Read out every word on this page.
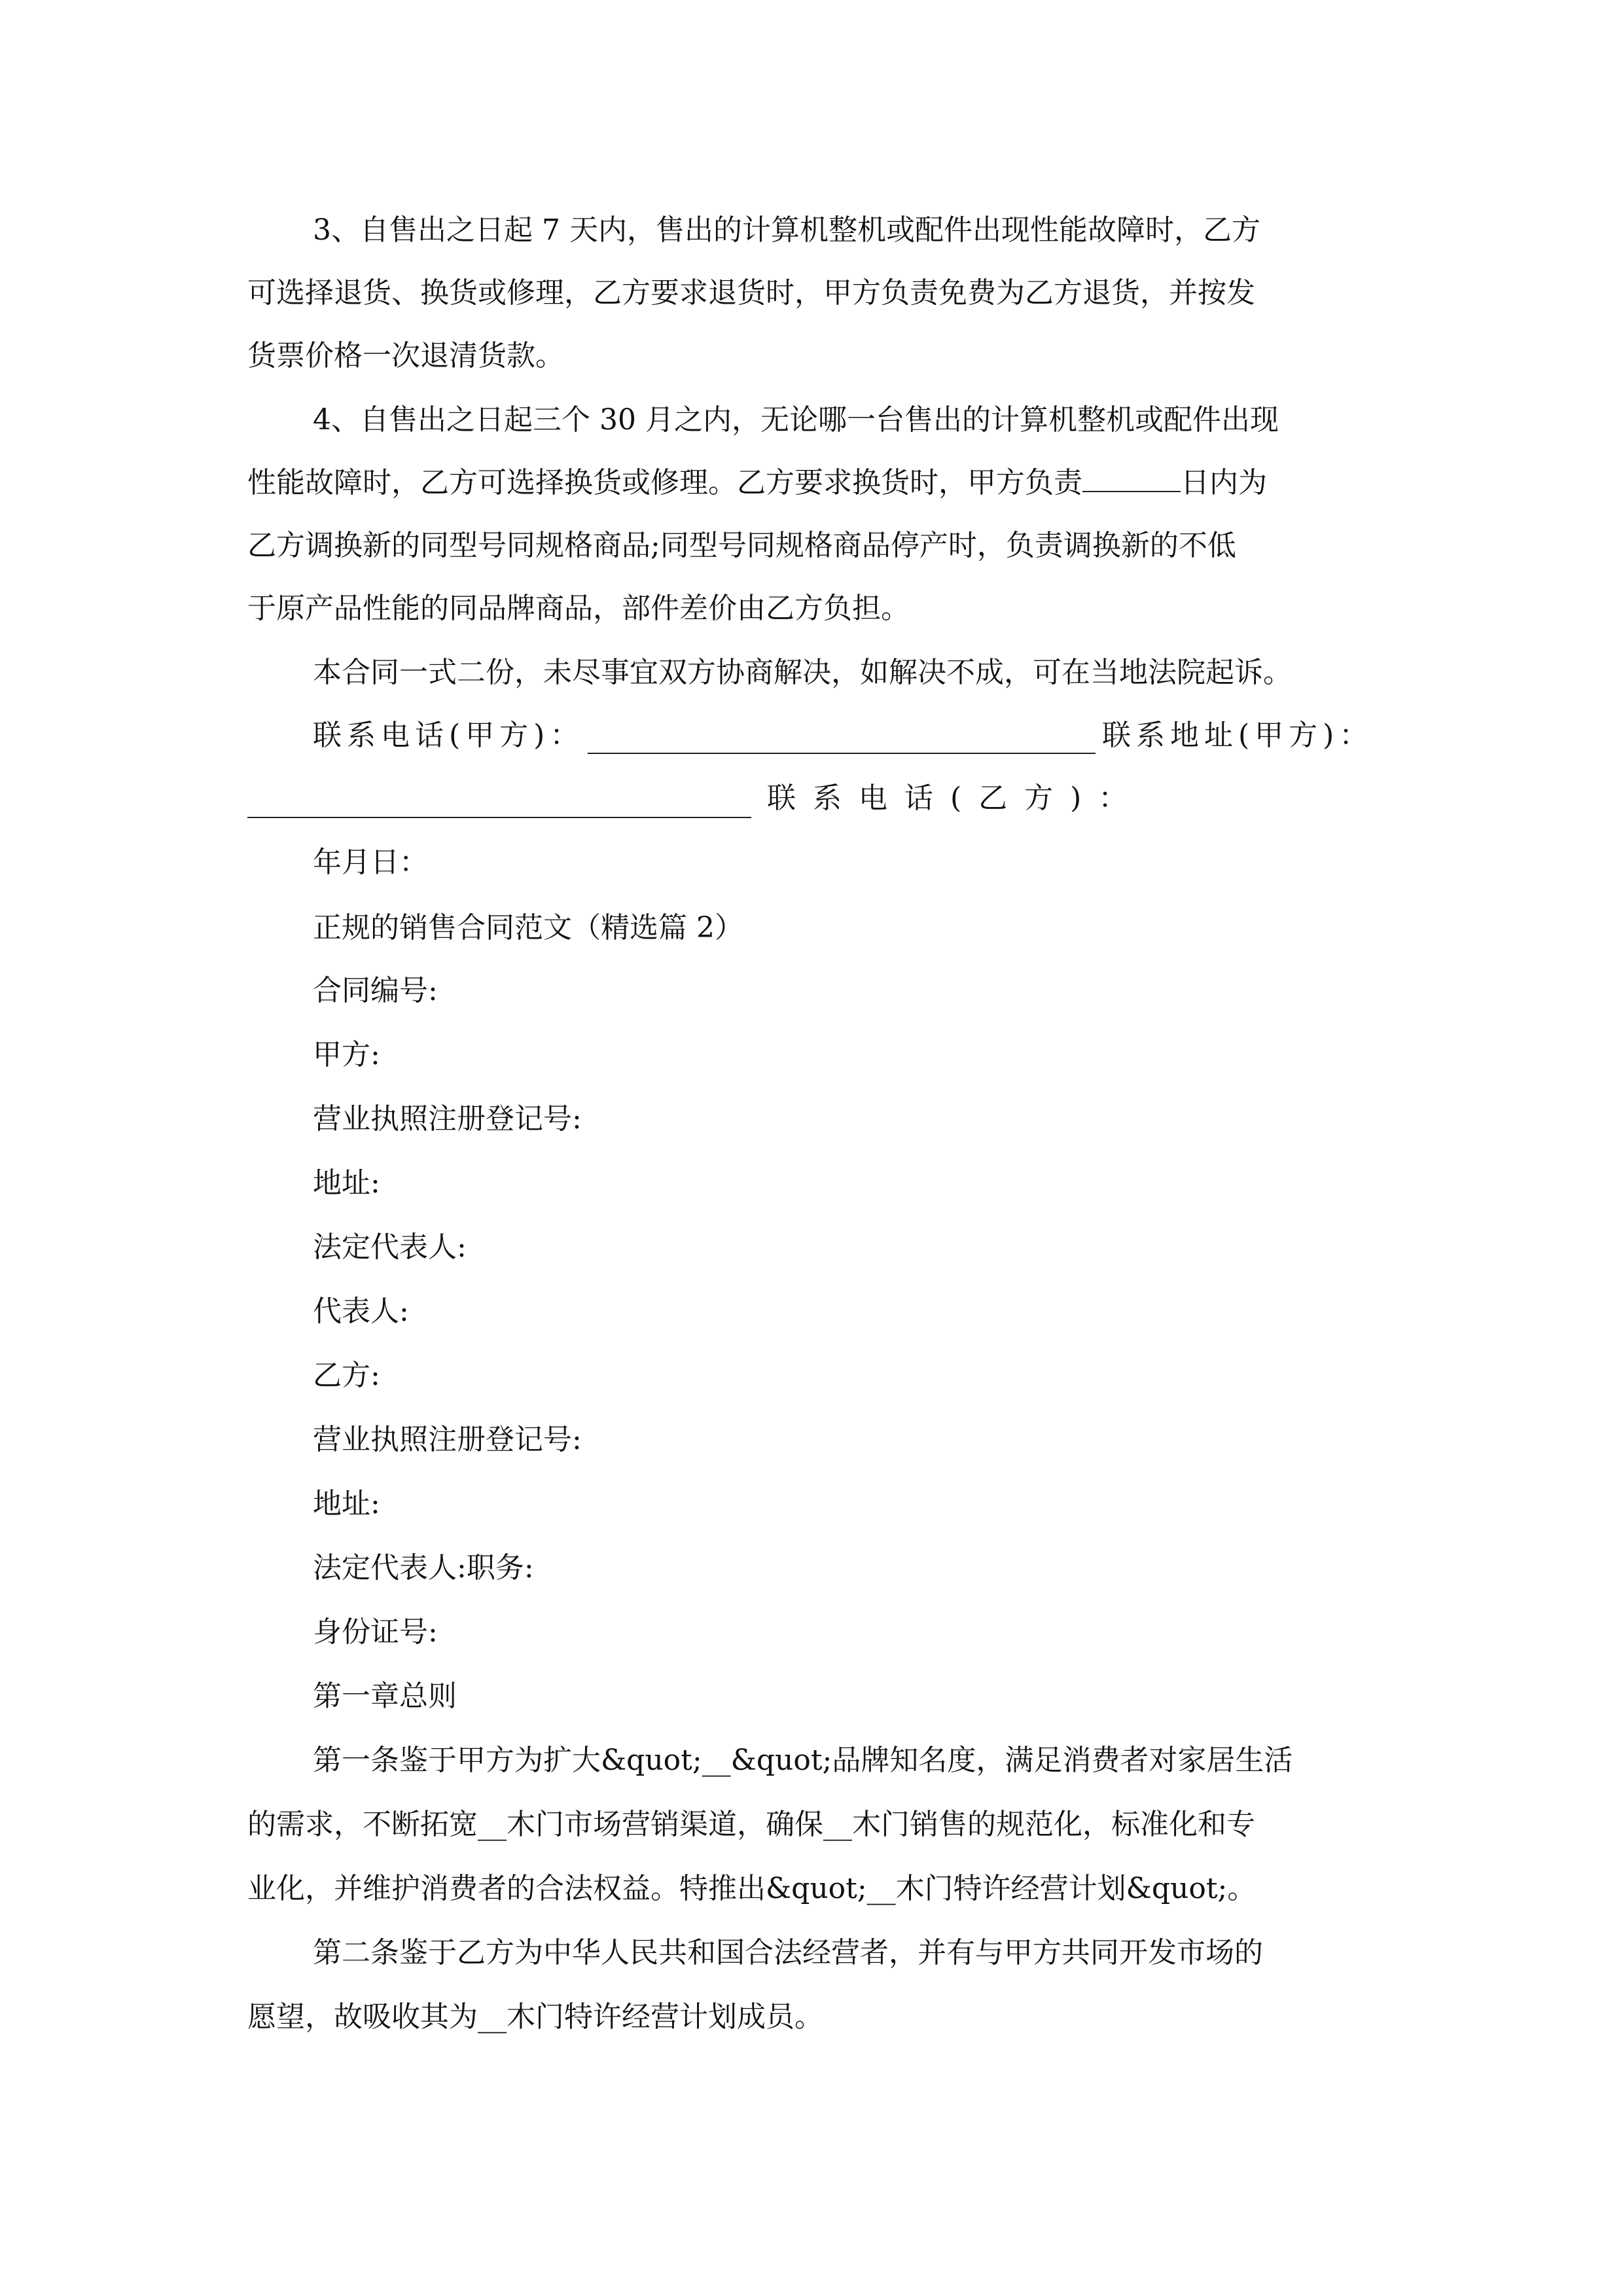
3、自售出之日起 7 天内，售出的计算机整机或配件出现性能故障时，乙方
可选择退货、换货或修理，乙方要求退货时，甲方负责免费为乙方退货，并按发
货票价格一次退清货款。
4、自售出之日起三个 30 月之内，无论哪一台售出的计算机整机或配件出现
性能故障时，乙方可选择换货或修理。乙方要求换货时，甲方负责	日内为
乙方调换新的同型号同规格商品;同型号同规格商品停产时，负责调换新的不低
于原产品性能的同品牌商品，部件差价由乙方负担。
本合同一式二份，未尽事宜双方协商解决，如解决不成，可在当地法院起诉。
联系电话(甲方)：	联系地址(甲方)：
联系电话(乙方)：
年月日：
正规的销售合同范文（精选篇 2）
合同编号:
甲方:
营业执照注册登记号:
地址:
法定代表人:
代表人:
乙方:
营业执照注册登记号:
地址:
法定代表人:职务:
身份证号:
第一章总则
第一条鉴于甲方为扩大&quot;__&quot;品牌知名度，满足消费者对家居生活
的需求，不断拓宽__木门市场营销渠道，确保__木门销售的规范化，标准化和专
业化，并维护消费者的合法权益。特推出&quot;__木门特许经营计划&quot;。
第二条鉴于乙方为中华人民共和国合法经营者，并有与甲方共同开发市场的
愿望，故吸收其为__木门特许经营计划成员。
